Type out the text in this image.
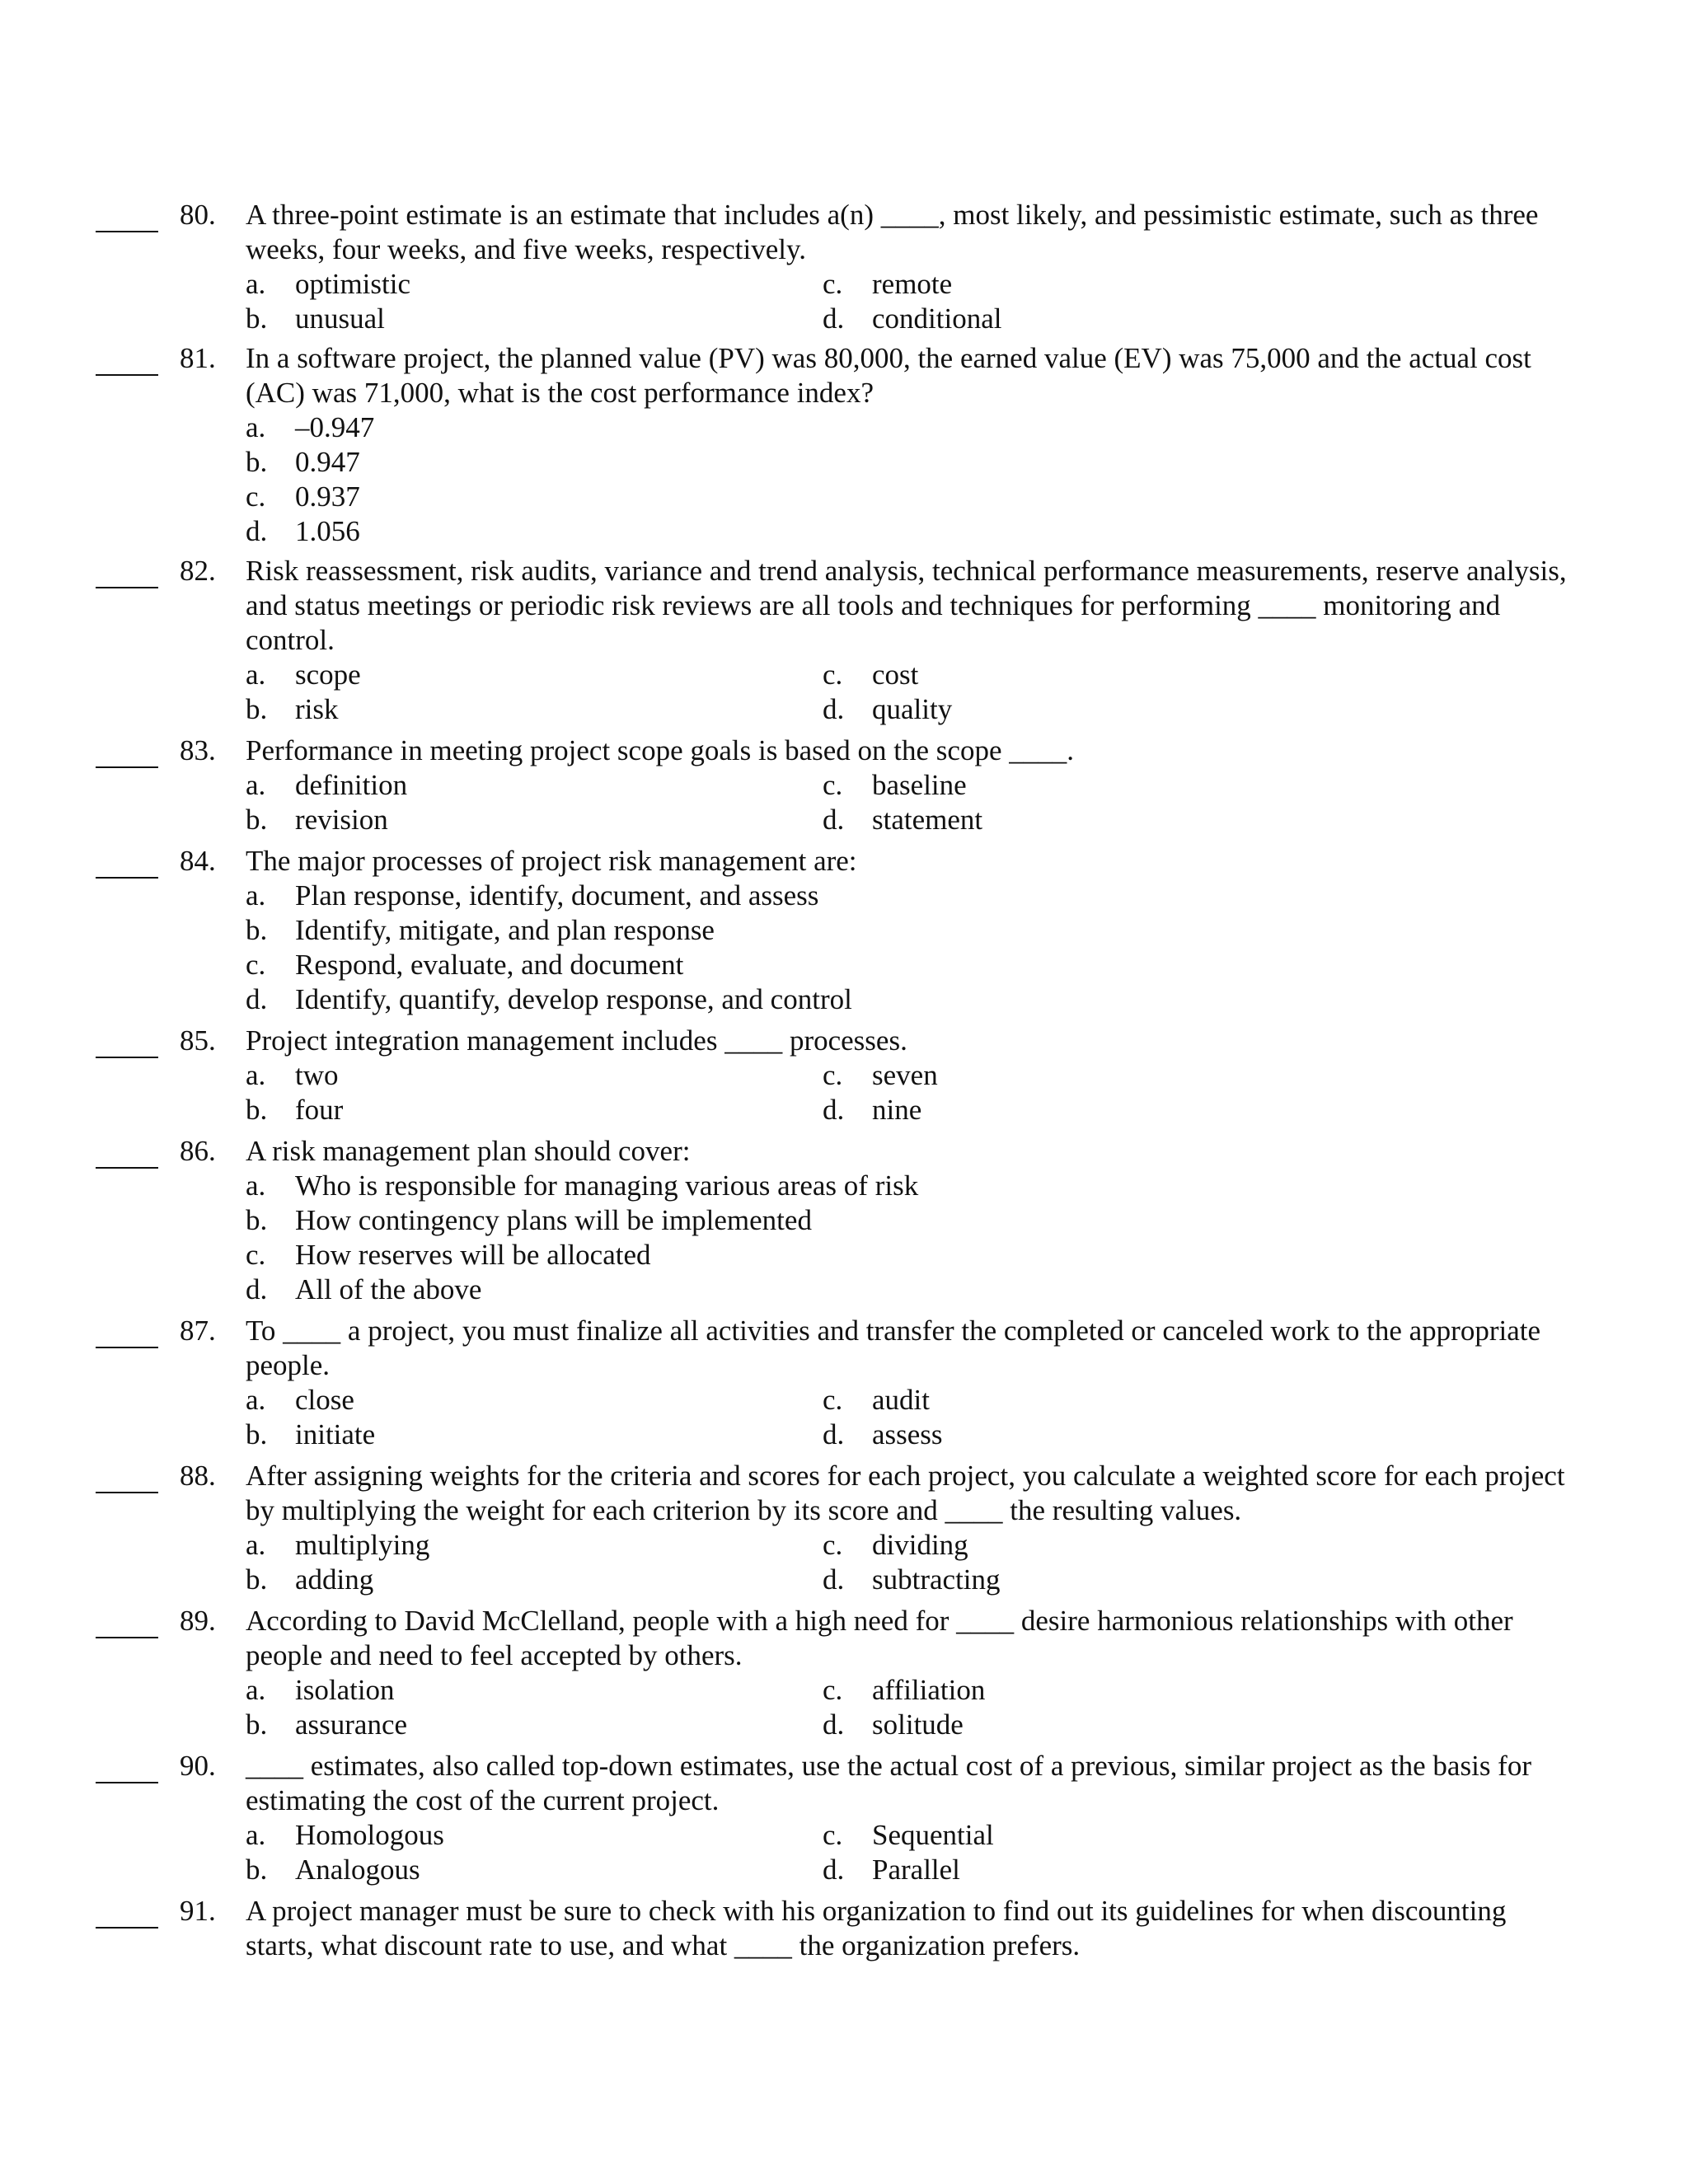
80.	A three-point estimate is an estimate that includes a(n) ____, most likely, and pessimistic estimate, such as three weeks, four weeks, and five weeks, respectively.
a.	optimistic
b. unusual
c.	remote
d. conditional
81.	In a software project, the planned value (PV) was 80,000, the earned value (EV) was 75,000 and the actual cost (AC) was 71,000, what is the cost performance index?
a.	–0.947
b. 0.947
c.	0.937
d. 1.056
82.	Risk reassessment, risk audits, variance and trend analysis, technical performance measurements, reserve analysis, and status meetings or periodic risk reviews are all tools and techniques for performing ____ monitoring and control.
a.	scope
b. risk
c.	cost
d. quality
83.	Performance in meeting project scope goals is based on the scope ____.
a.	definition
b. revision
c.	baseline
d. statement
84.	The major processes of project risk management are:
a.	Plan response, identify, document, and assess
b. Identify, mitigate, and plan response
c.	Respond, evaluate, and document
d. Identify, quantify, develop response, and control
85.	Project integration management includes ____ processes.
a.	two
b. four
c.	seven
d. nine
86.	A risk management plan should cover:
a.	Who is responsible for managing various areas of risk
b. How contingency plans will be implemented
c.	How reserves will be allocated
d. All of the above
87.	To ____ a project, you must finalize all activities and transfer the completed or canceled work to the appropriate people.
a.	close
b. initiate
c.	audit
d. assess
88.	After assigning weights for the criteria and scores for each project, you calculate a weighted score for each project by multiplying the weight for each criterion by its score and ____ the resulting values.
a.	multiplying
b. adding
c.	dividing
d. subtracting
89.	According to David McClelland, people with a high need for ____ desire harmonious relationships with other people and need to feel accepted by others.
a.	isolation
b. assurance
c.	affiliation
d. solitude
90.	____ estimates, also called top-down estimates, use the actual cost of a previous, similar project as the basis for estimating the cost of the current project.
a.	Homologous
b. Analogous
c.	Sequential
d. Parallel
91.	A project manager must be sure to check with his organization to find out its guidelines for when discounting starts, what discount rate to use, and what ____ the organization prefers.
